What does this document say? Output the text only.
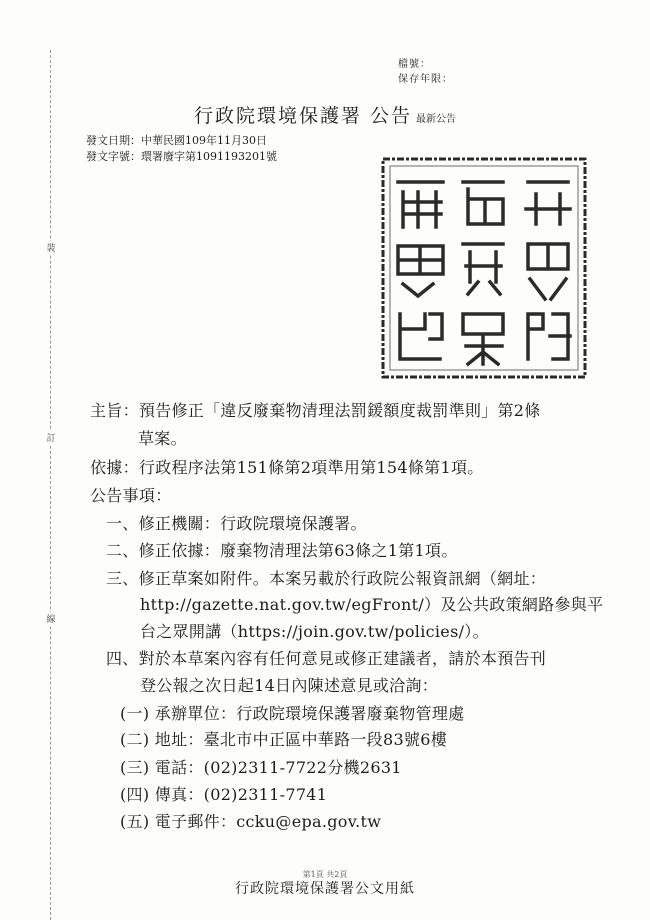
裝
訂
線
檔號：
保存年限：
行政院環境保護署 公告 最新公告
發文日期：中華民國109年11月30日
發文字號：環署廢字第1091193201號
主旨：預告修正「違反廢棄物清理法罰鍰額度裁罰準則」第2條
草案。
依據：行政程序法第151條第2項準用第154條第1項。
公告事項：
一、修正機關：行政院環境保護署。
二、修正依據：廢棄物清理法第63條之1第1項。
三、修正草案如附件。本案另載於行政院公報資訊網（網址：
http://gazette.nat.gov.tw/egFront/）及公共政策網路參與平
台之眾開講（https://join.gov.tw/policies/）。
四、對於本草案內容有任何意見或修正建議者，請於本預告刊
登公報之次日起14日內陳述意見或洽詢：
(一) 承辦單位：行政院環境保護署廢棄物管理處
(二) 地址：臺北市中正區中華路一段83號6樓
(三) 電話：(02)2311-7722分機2631
(四) 傳真：(02)2311-7741
(五) 電子郵件：ccku@epa.gov.tw
第1頁 共2頁
行政院環境保護署公文用紙
